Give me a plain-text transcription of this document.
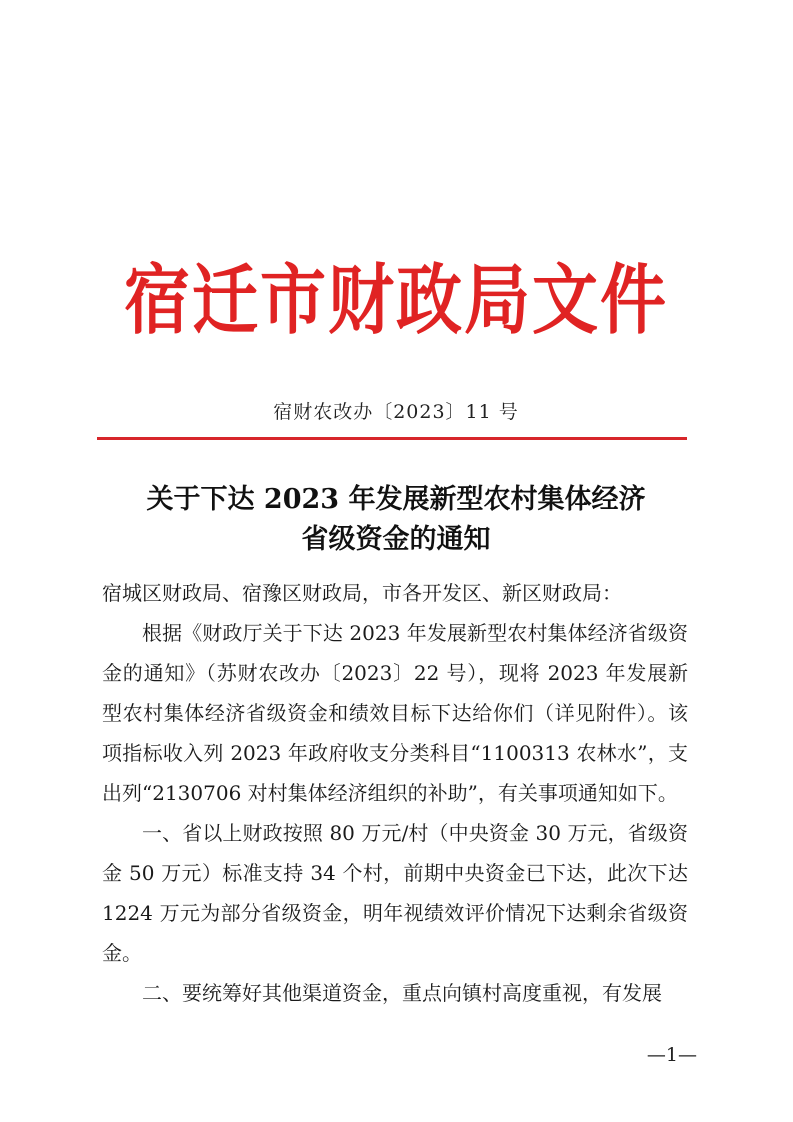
宿迁市财政局文件
宿财农改办〔2023〕11 号
关于下达 2023 年发展新型农村集体经济
省级资金的通知

宿城区财政局、宿豫区财政局，市各开发区、新区财政局：

根据《财政厅关于下达 2023 年发展新型农村集体经济省级资金的通知》（苏财农改办〔2023〕22 号），现将 2023 年发展新型农村集体经济省级资金和绩效目标下达给你们（详见附件）。该项指标收入列 2023 年政府收支分类科目“1100313 农林水”，支出列“2130706 对村集体经济组织的补助”，有关事项通知如下。

一、省以上财政按照 80 万元/村（中央资金 30 万元，省级资金 50 万元）标准支持 34 个村，前期中央资金已下达，此次下达 1224 万元为部分省级资金，明年视绩效评价情况下达剩余省级资金。

二、要统筹好其他渠道资金，重点向镇村高度重视，有发展

—1—
